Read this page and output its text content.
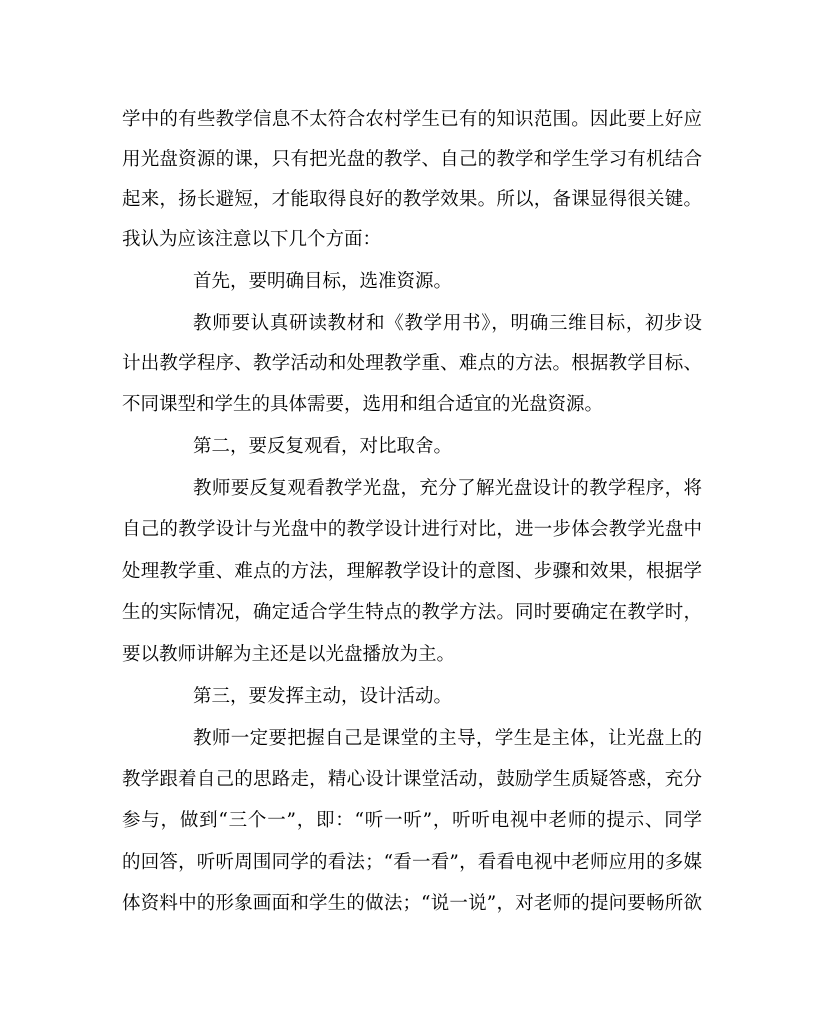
学中的有些教学信息不太符合农村学生已有的知识范围。因此要上好应
用光盘资源的课，只有把光盘的教学、自己的教学和学生学习有机结合
起来，扬长避短，才能取得良好的教学效果。所以，备课显得很关键。
我认为应该注意以下几个方面：
首先，要明确目标，选准资源。
教师要认真研读教材和《教学用书》，明确三维目标，初步设
计出教学程序、教学活动和处理教学重、难点的方法。根据教学目标、
不同课型和学生的具体需要，选用和组合适宜的光盘资源。
第二，要反复观看，对比取舍。
教师要反复观看教学光盘，充分了解光盘设计的教学程序，将
自己的教学设计与光盘中的教学设计进行对比，进一步体会教学光盘中
处理教学重、难点的方法，理解教学设计的意图、步骤和效果，根据学
生的实际情况，确定适合学生特点的教学方法。同时要确定在教学时，
要以教师讲解为主还是以光盘播放为主。
第三，要发挥主动，设计活动。
教师一定要把握自己是课堂的主导，学生是主体，让光盘上的
教学跟着自己的思路走，精心设计课堂活动，鼓励学生质疑答惑，充分
参与，做到“三个一”，即：“听一听”，听听电视中老师的提示、同学
的回答，听听周围同学的看法；“看一看”，看看电视中老师应用的多媒
体资料中的形象画面和学生的做法；“说一说”，对老师的提问要畅所欲
